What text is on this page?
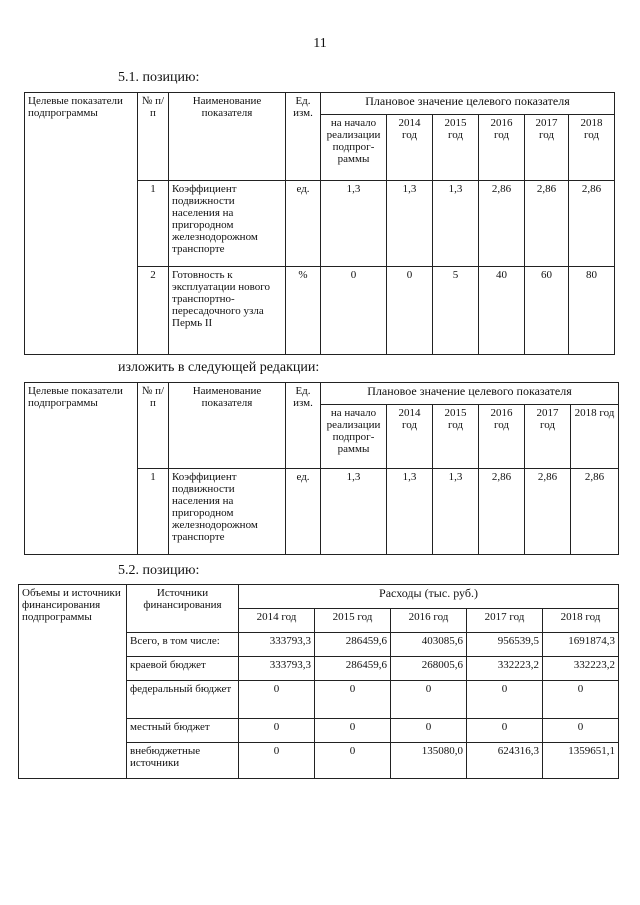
11
5.1. позицию:
Целевые показатели подпрограммы	№ п/п	Наименование показателя	Ед. изм.	Плановое значение целевого показателя					
				на начало реализации подпрог-раммы	2014 год	2015 год	2016 год	2017 год	2018 год
	1	Коэффициент подвижности населения на пригородном железнодорожном транспорте	ед.	1,3	1,3	1,3	2,86	2,86	2,86
	2	Готовность к эксплуатации нового транспортно-пересадочного узла Пермь II	%	0	0	5	40	60	80
изложить в следующей редакции:
Целевые показатели подпрограммы	№ п/п	Наименование показателя	Ед. изм.	Плановое значение целевого показателя					
				на начало реализации подпрог-раммы	2014 год	2015 год	2016 год	2017 год	2018 год
	1	Коэффициент подвижности населения на пригородном железнодорожном транспорте	ед.	1,3	1,3	1,3	2,86	2,86	2,86
5.2. позицию:
Объемы и источники финансирования подпрограммы	Источники финансирования	Расходы (тыс. руб.)				
		2014 год	2015 год	2016 год	2017 год	2018 год
	Всего, в том числе:	333793,3	286459,6	403085,6	956539,5	1691874,3
	краевой бюджет	333793,3	286459,6	268005,6	332223,2	332223,2
	федеральный бюджет	0	0	0	0	0
	местный бюджет	0	0	0	0	0
	внебюджетные источники	0	0	135080,0	624316,3	1359651,1
